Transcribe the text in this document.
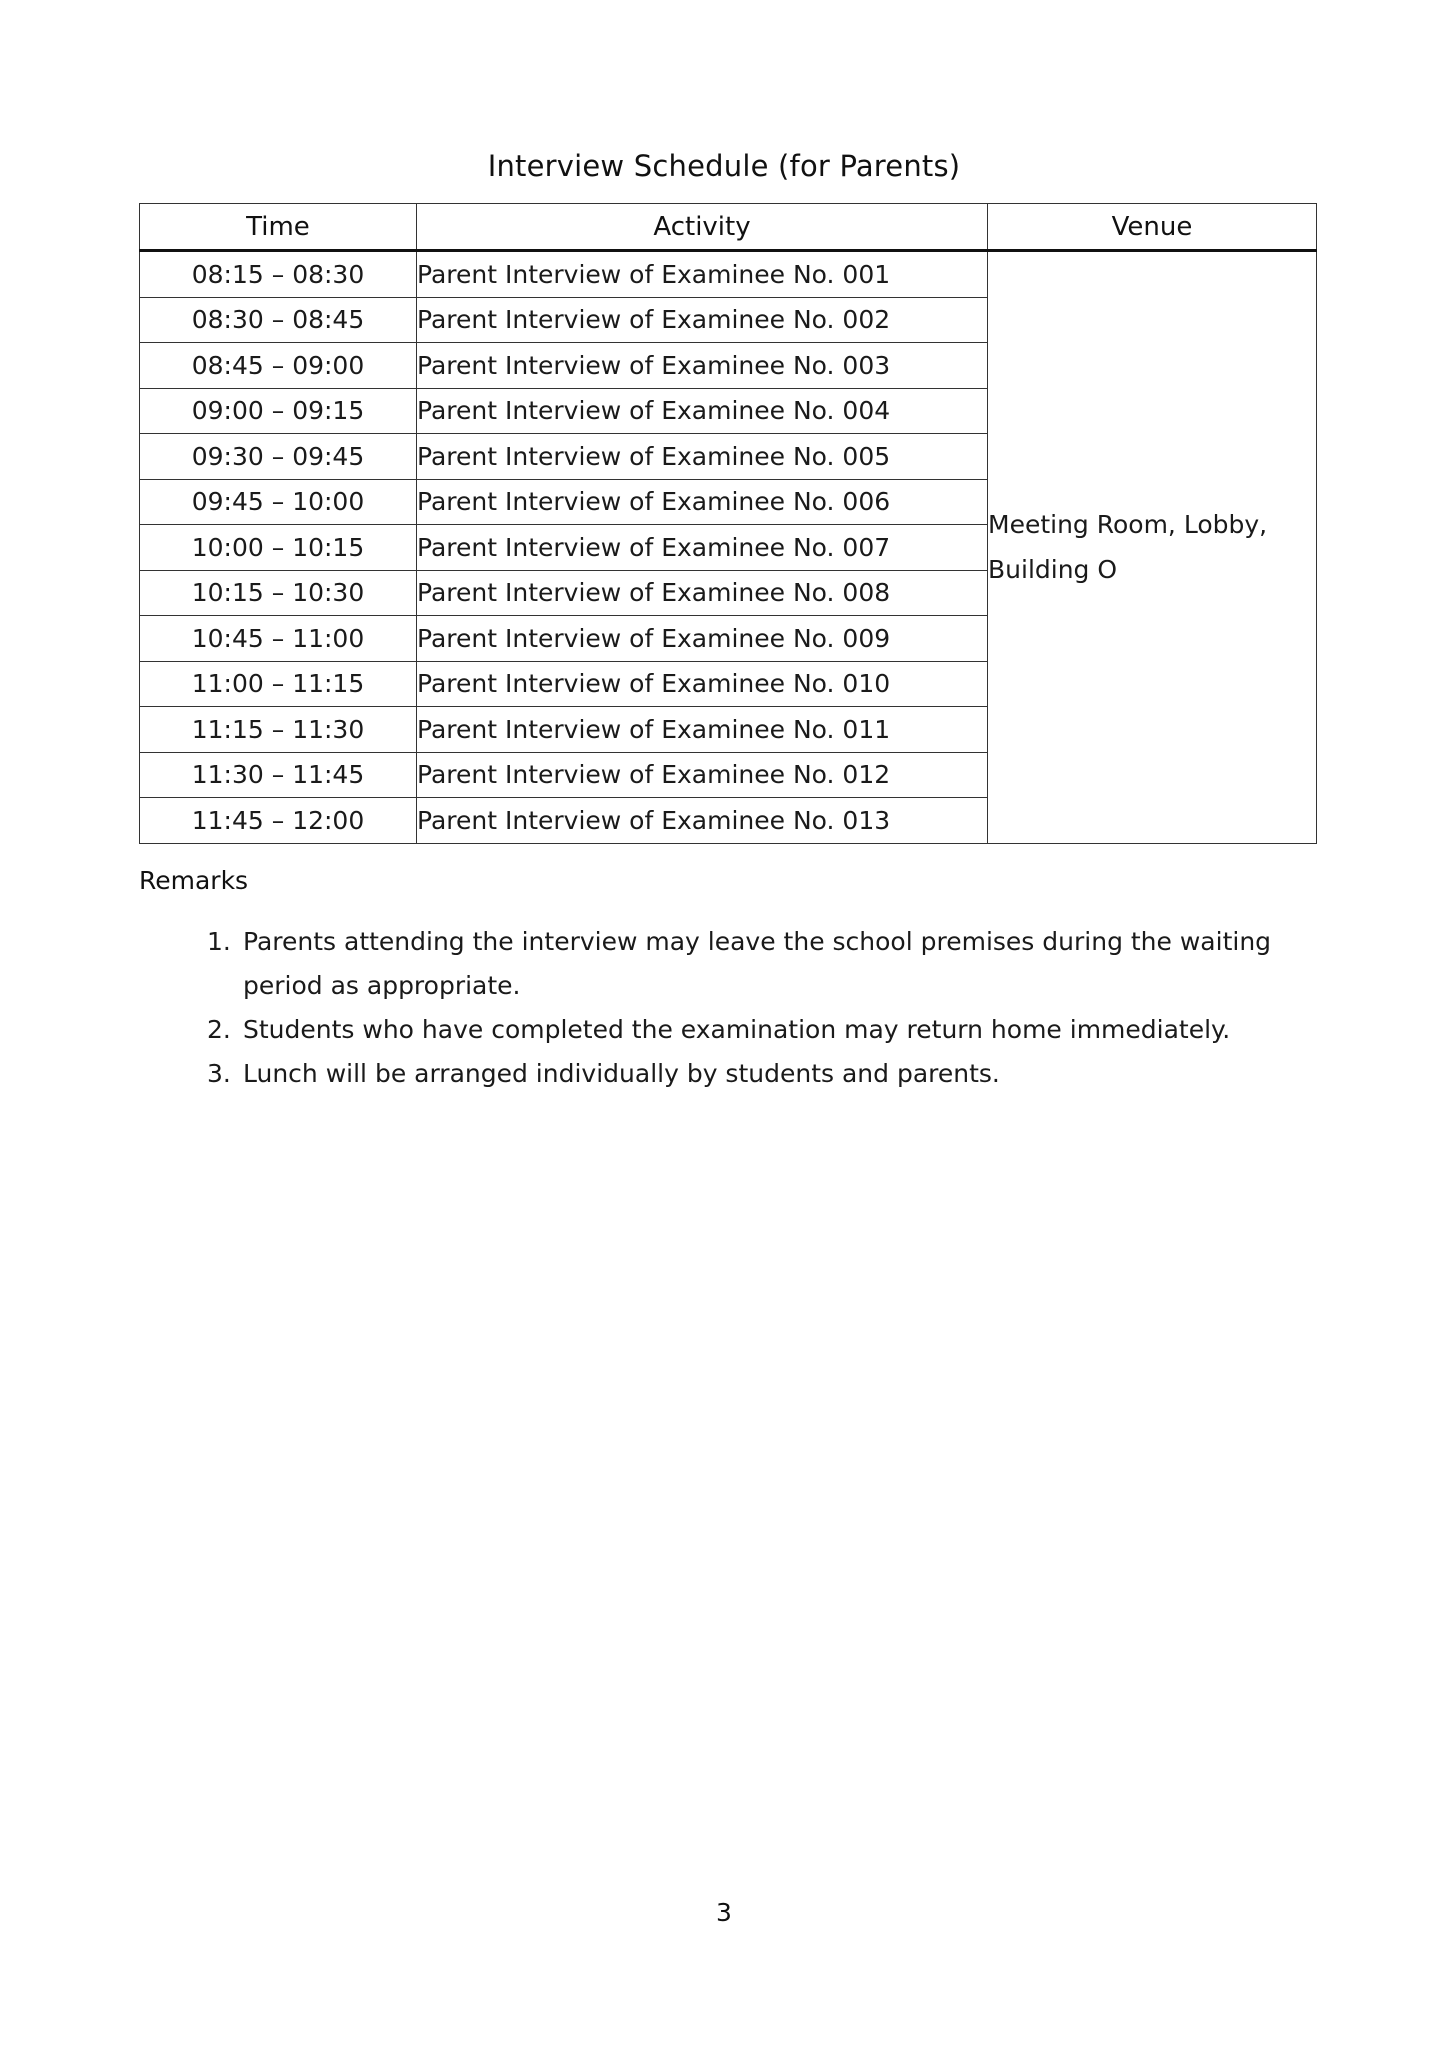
Interview Schedule (for Parents)
Time	Activity	Venue
08:15 – 08:30	Parent Interview of Examinee No. 001	Meeting Room, Lobby, Building O
08:30 – 08:45	Parent Interview of Examinee No. 002	
08:45 – 09:00	Parent Interview of Examinee No. 003	
09:00 – 09:15	Parent Interview of Examinee No. 004	
09:30 – 09:45	Parent Interview of Examinee No. 005	
09:45 – 10:00	Parent Interview of Examinee No. 006	
10:00 – 10:15	Parent Interview of Examinee No. 007	
10:15 – 10:30	Parent Interview of Examinee No. 008	
10:45 – 11:00	Parent Interview of Examinee No. 009	
11:00 – 11:15	Parent Interview of Examinee No. 010	
11:15 – 11:30	Parent Interview of Examinee No. 011	
11:30 – 11:45	Parent Interview of Examinee No. 012	
11:45 – 12:00	Parent Interview of Examinee No. 013	
Remarks
1. Parents attending the interview may leave the school premises during the waiting period as appropriate.
2. Students who have completed the examination may return home immediately.
3. Lunch will be arranged individually by students and parents.
3
